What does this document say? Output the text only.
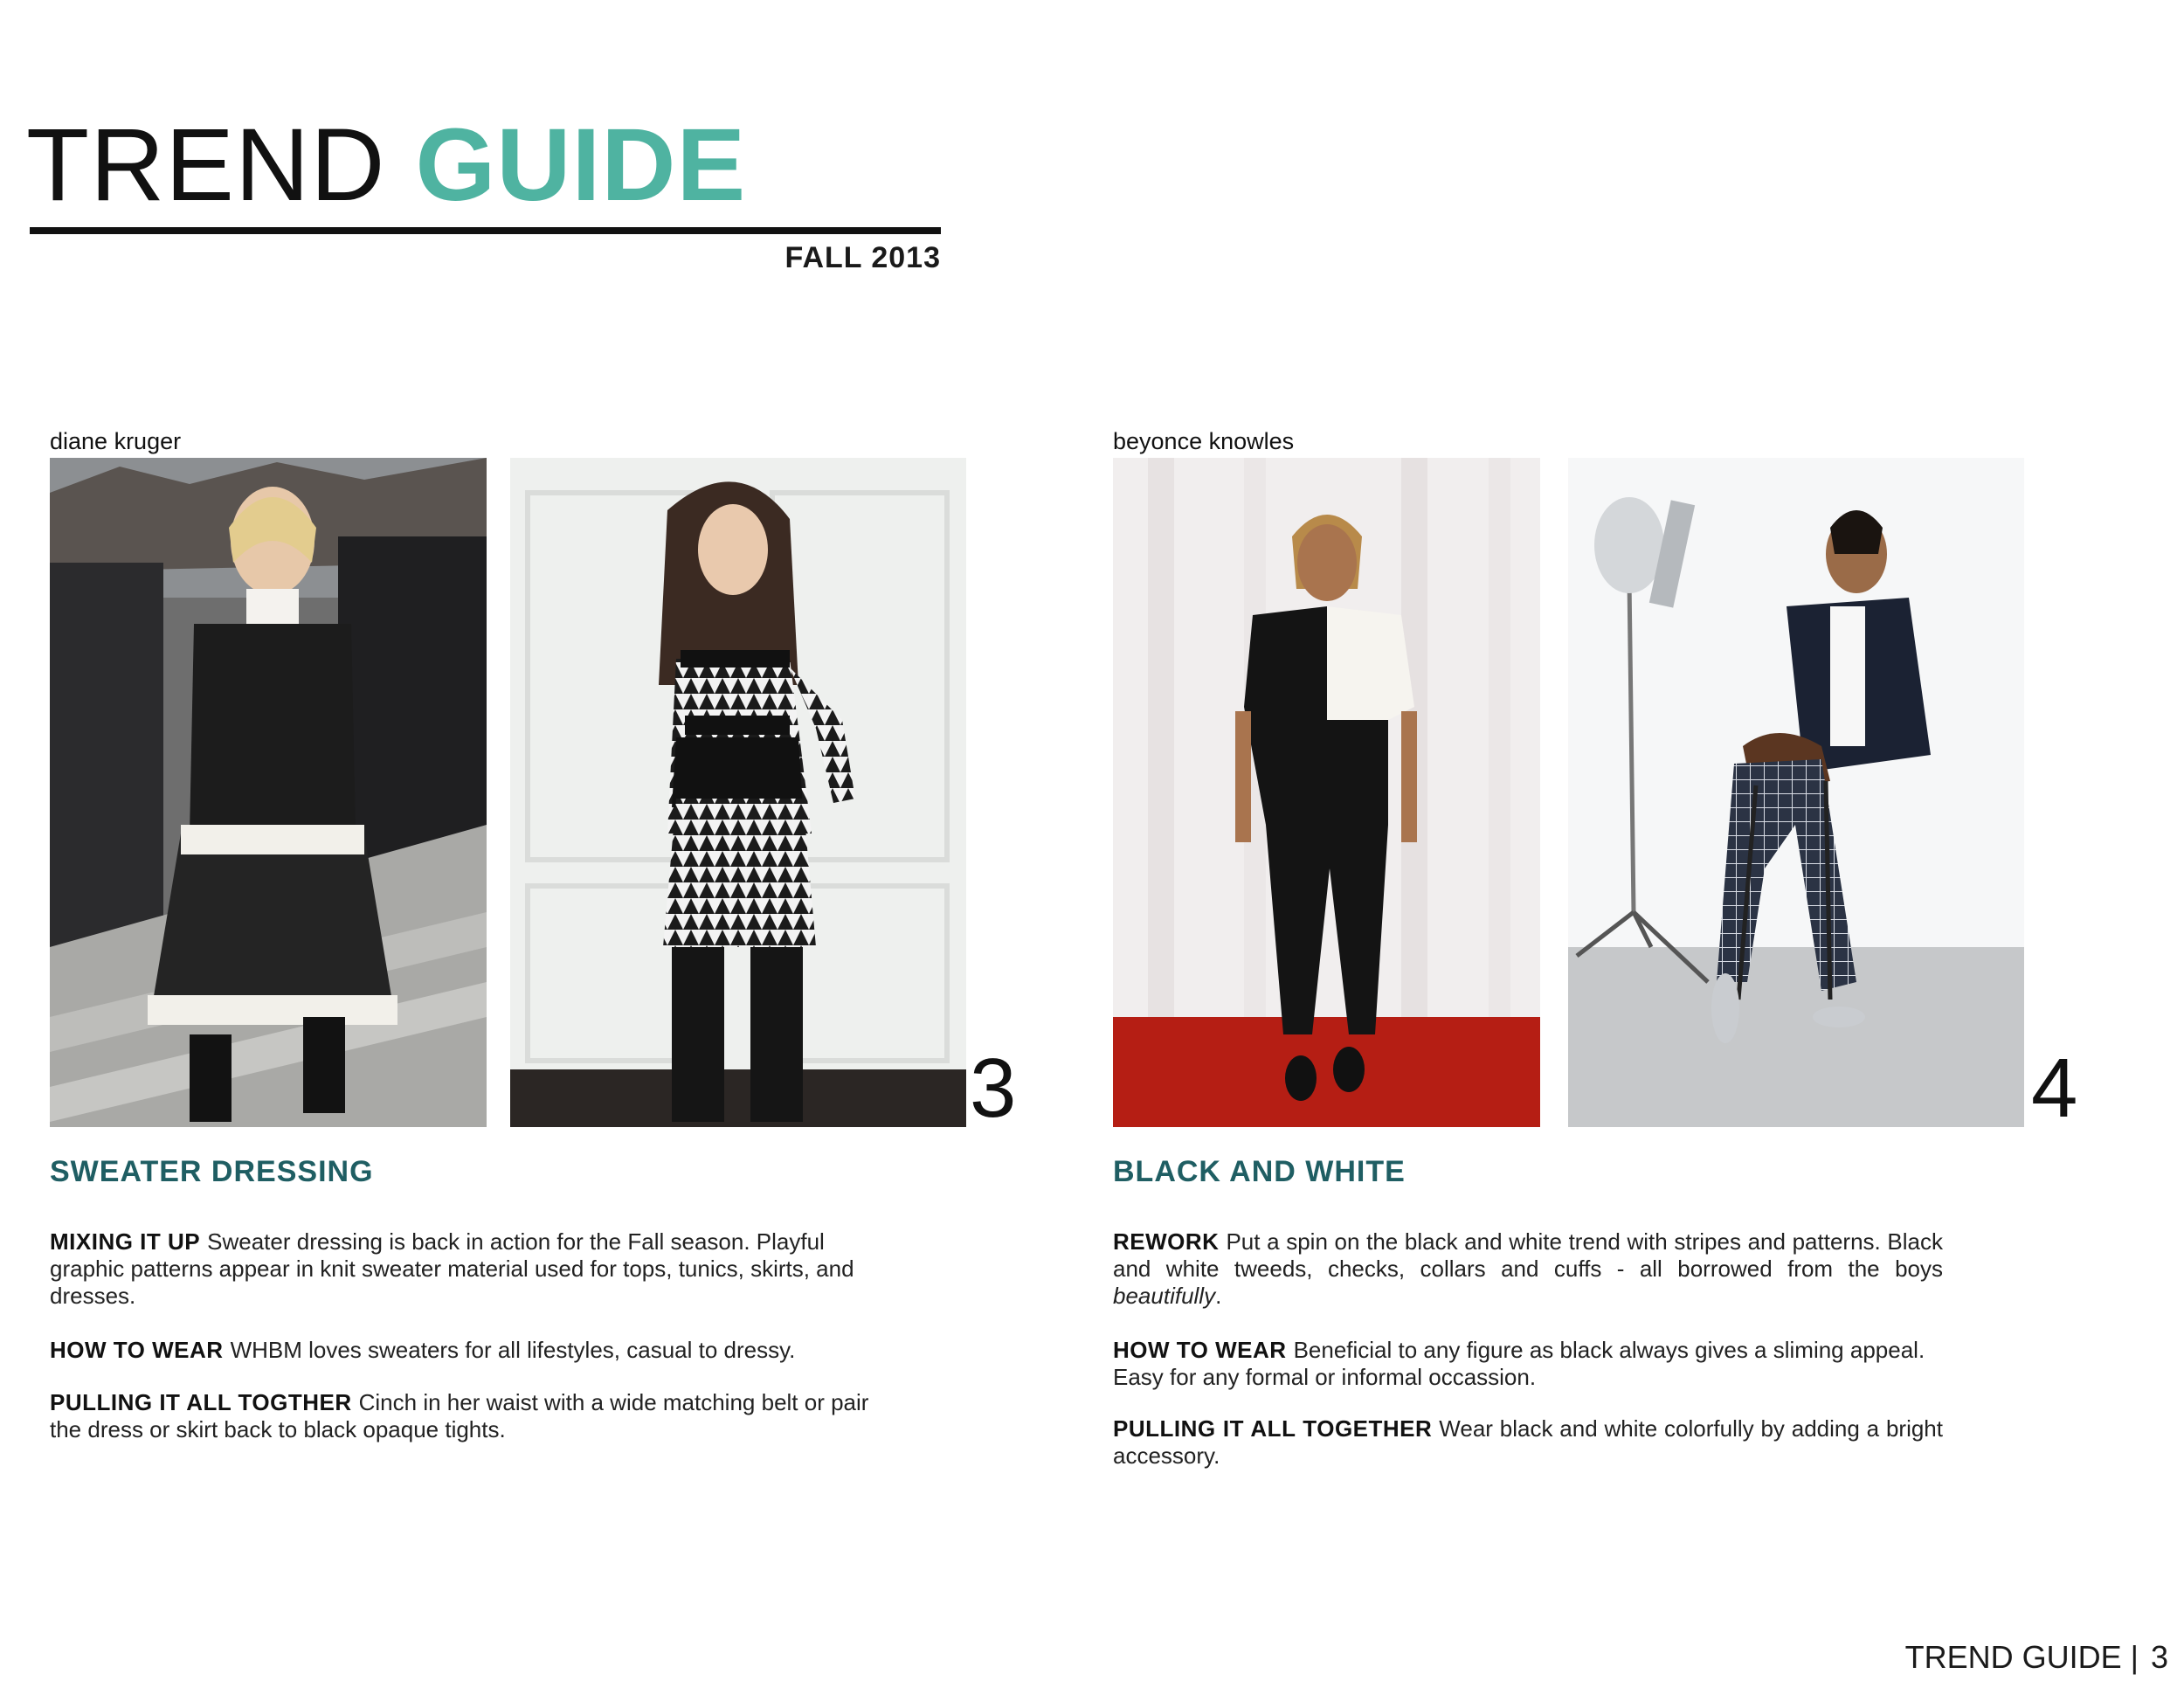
TREND GUIDE
FALL 2013
diane kruger
3
SWEATER DRESSING
MIXING IT UP Sweater dressing is back in action for the Fall season. Playful graphic patterns appear in knit sweater material used for tops, tunics, skirts, and dresses.
HOW TO WEAR WHBM loves sweaters for all lifestyles, casual to dressy.
PULLING IT ALL TOGTHER Cinch in her waist with a wide matching belt or pair the dress or skirt back to black opaque tights.
beyonce knowles
4
BLACK AND WHITE
REWORK Put a spin on the black and white trend with stripes and patterns. Black and white tweeds, checks, collars and cuffs - all borrowed from the boys beautifully.
HOW TO WEAR Beneficial to any figure as black always gives a sliming appeal. Easy for any formal or informal occassion.
PULLING IT ALL TOGETHER Wear black and white colorfully by adding a bright accessory.
TREND GUIDE | 3
